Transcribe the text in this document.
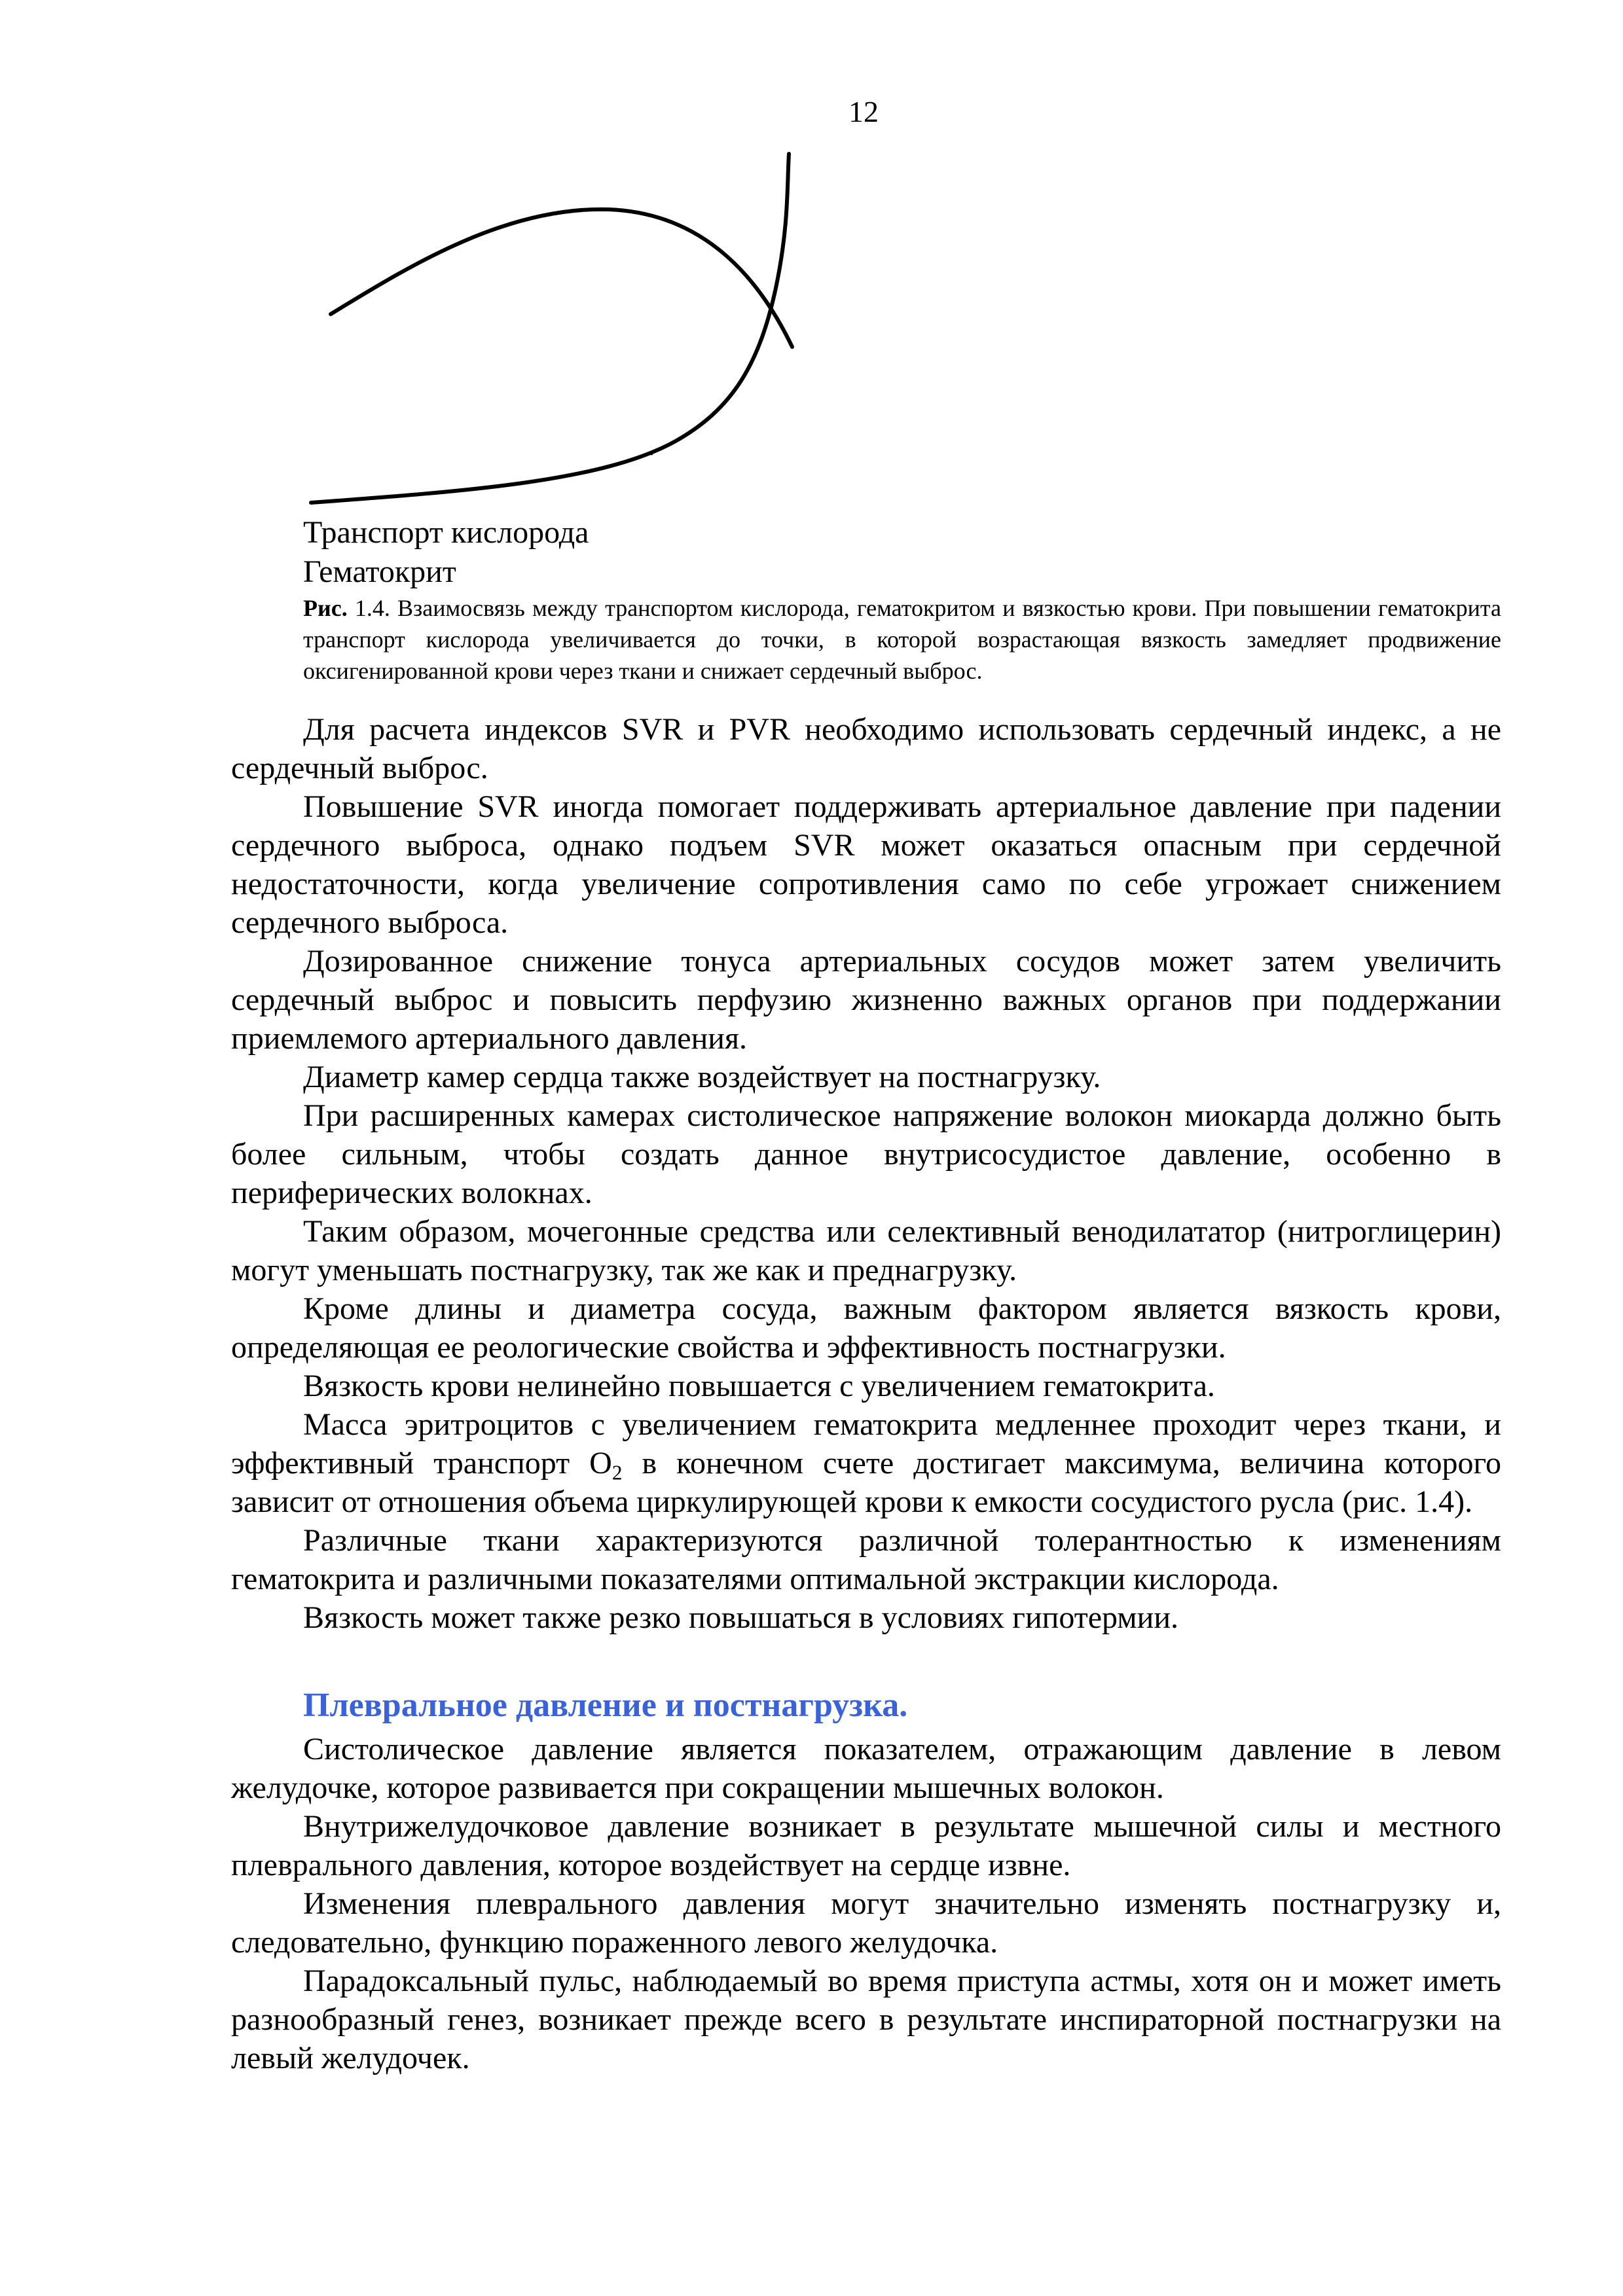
12
Транспорт кислорода
Гематокрит
Рис. 1.4. Взаимосвязь между транспортом кислорода, гематокритом и вязкостью крови. При повышении гематокрита транспорт кислорода увеличивается до точки, в которой возрастающая вязкость замедляет продвижение оксигенированной крови через ткани и снижает сердечный выброс.

Для расчета индексов SVR и PVR необходимо использовать сердечный индекс, а не сердечный выброс.

Повышение SVR иногда помогает поддерживать артериальное давление при падении сердечного выброса, однако подъем SVR может оказаться опасным при сердечной недостаточности, когда увеличение сопротивления само по себе угрожает снижением сердечного выброса.

Дозированное снижение тонуса артериальных сосудов может затем увеличить сердечный выброс и повысить перфузию жизненно важных органов при поддержании приемлемого артериального давления.

Диаметр камер сердца также воздействует на постнагрузку.

При расширенных камерах систолическое напряжение волокон миокарда должно быть более сильным, чтобы создать данное внутрисосудистое давление, особенно в периферических волокнах.

Таким образом, мочегонные средства или селективный венодилататор (нитроглицерин) могут уменьшать постнагрузку, так же как и преднагрузку.

Кроме длины и диаметра сосуда, важным фактором является вязкость крови, определяющая ее реологические свойства и эффективность постнагрузки.

Вязкость крови нелинейно повышается с увеличением гематокрита.

Масса эритроцитов с увеличением гематокрита медленнее проходит через ткани, и эффективный транспорт $O_2$ в конечном счете достигает максимума, величина которого зависит от отношения объема циркулирующей крови к емкости сосудистого русла (рис. 1.4).

Различные ткани характеризуются различной толерантностью к изменениям гематокрита и различными показателями оптимальной экстракции кислорода.

Вязкость может также резко повышаться в условиях гипотермии.

Плевральное давление и постнагрузка.

Систолическое давление является показателем, отражающим давление в левом желудочке, которое развивается при сокращении мышечных волокон.

Внутрижелудочковое давление возникает в результате мышечной силы и местного плеврального давления, которое воздействует на сердце извне.

Изменения плеврального давления могут значительно изменять постнагрузку и, следовательно, функцию пораженного левого желудочка.

Парадоксальный пульс, наблюдаемый во время приступа астмы, хотя он и может иметь разнообразный генез, возникает прежде всего в результате инспираторной постнагрузки на левый желудочек.
